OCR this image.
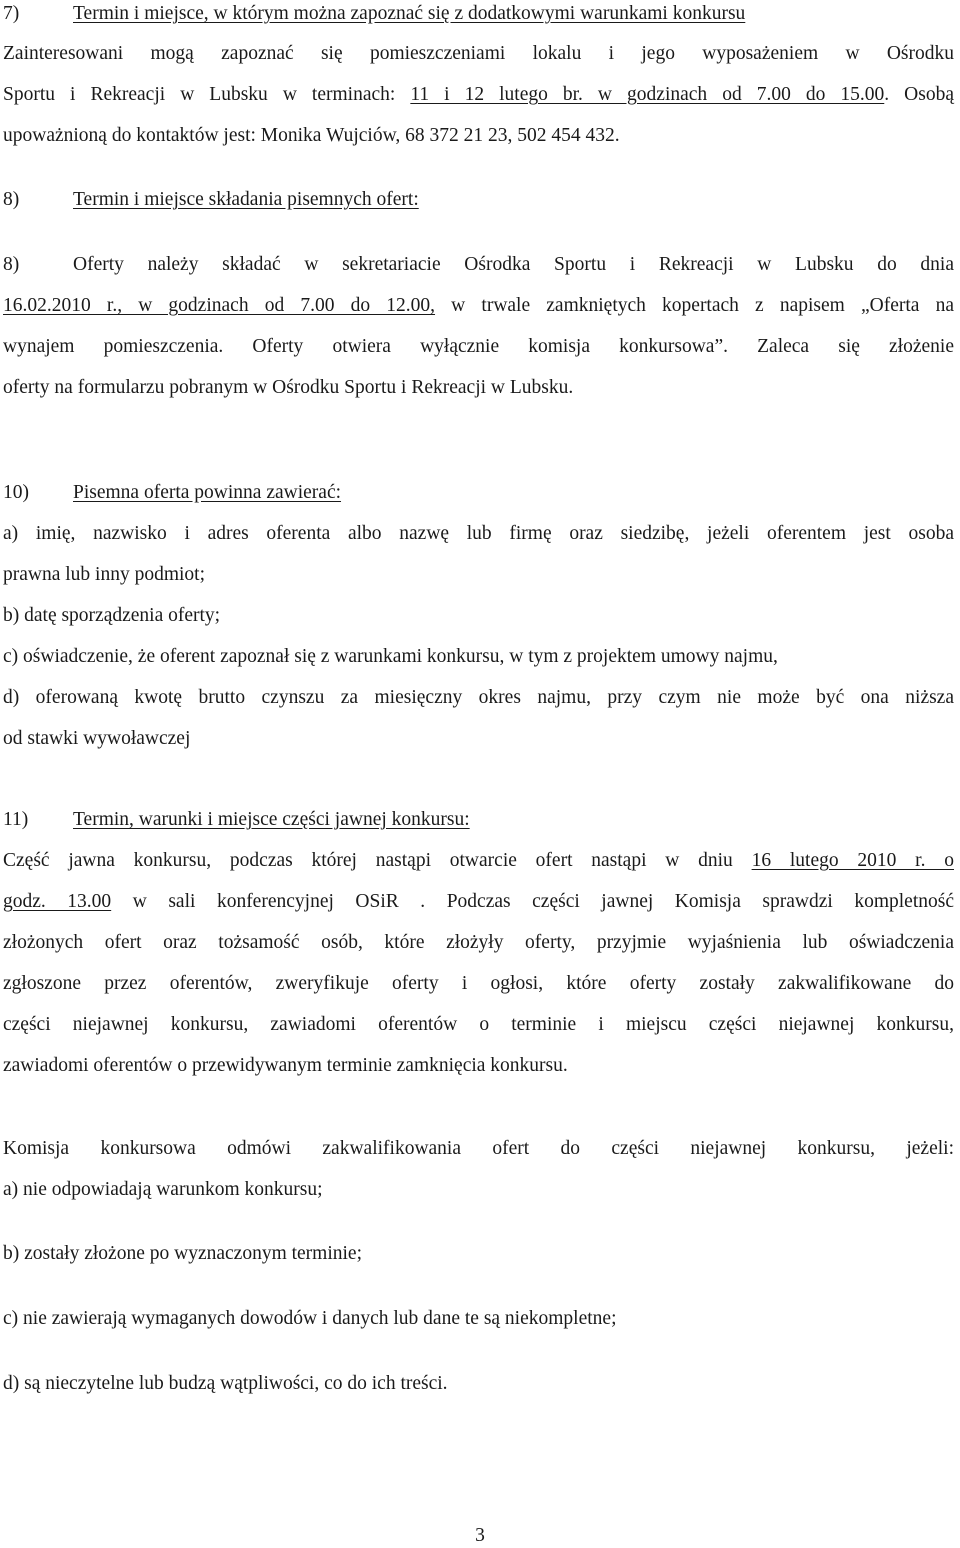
7)	Termin i miejsce, w którym można zapoznać się z dodatkowymi warunkami konkursu
Zainteresowani mogą zapoznać się pomieszczeniami lokalu i jego wyposażeniem w Ośrodku
Sportu i Rekreacji w Lubsku w terminach: 11 i 12 lutego br. w godzinach od 7.00 do 15.00. Osobą
upoważnioną do kontaktów jest: Monika Wujciów, 68 372 21 23, 502 454 432.
8)	Termin i miejsce składania pisemnych ofert:
8)	Oferty należy składać w sekretariacie Ośrodka Sportu i Rekreacji w Lubsku do dnia
16.02.2010 r., w godzinach od 7.00 do 12.00, w trwale zamkniętych kopertach z napisem „Oferta na
wynajem pomieszczenia. Oferty otwiera wyłącznie komisja konkursowa”. Zaleca się złożenie
oferty na formularzu pobranym w Ośrodku Sportu i Rekreacji w Lubsku.
10) Pisemna oferta powinna zawierać:
a) imię, nazwisko i adres oferenta albo nazwę lub firmę oraz siedzibę, jeżeli oferentem jest osoba
prawna lub inny podmiot;
b) datę sporządzenia oferty;
c) oświadczenie, że oferent zapoznał się z warunkami konkursu, w tym z projektem umowy najmu,
d) oferowaną kwotę brutto czynszu za miesięczny okres najmu, przy czym nie może być ona niższa
od stawki wywoławczej
11) Termin, warunki i miejsce części jawnej konkursu:
Część jawna konkursu, podczas której nastąpi otwarcie ofert nastąpi w dniu 16 lutego 2010 r. o
godz. 13.00 w sali konferencyjnej OSiR . Podczas części jawnej Komisja sprawdzi kompletność
złożonych ofert oraz tożsamość osób, które złożyły oferty, przyjmie wyjaśnienia lub oświadczenia
zgłoszone przez oferentów, zweryfikuje oferty i ogłosi, które oferty zostały zakwalifikowane do
części niejawnej konkursu, zawiadomi oferentów o terminie i miejscu części niejawnej konkursu,
zawiadomi oferentów o przewidywanym terminie zamknięcia konkursu.
Komisja konkursowa odmówi zakwalifikowania ofert do części niejawnej konkursu, jeżeli:
a) nie odpowiadają warunkom konkursu;
b) zostały złożone po wyznaczonym terminie;
c) nie zawierają wymaganych dowodów i danych lub dane te są niekompletne;
d) są nieczytelne lub budzą wątpliwości, co do ich treści.
3
